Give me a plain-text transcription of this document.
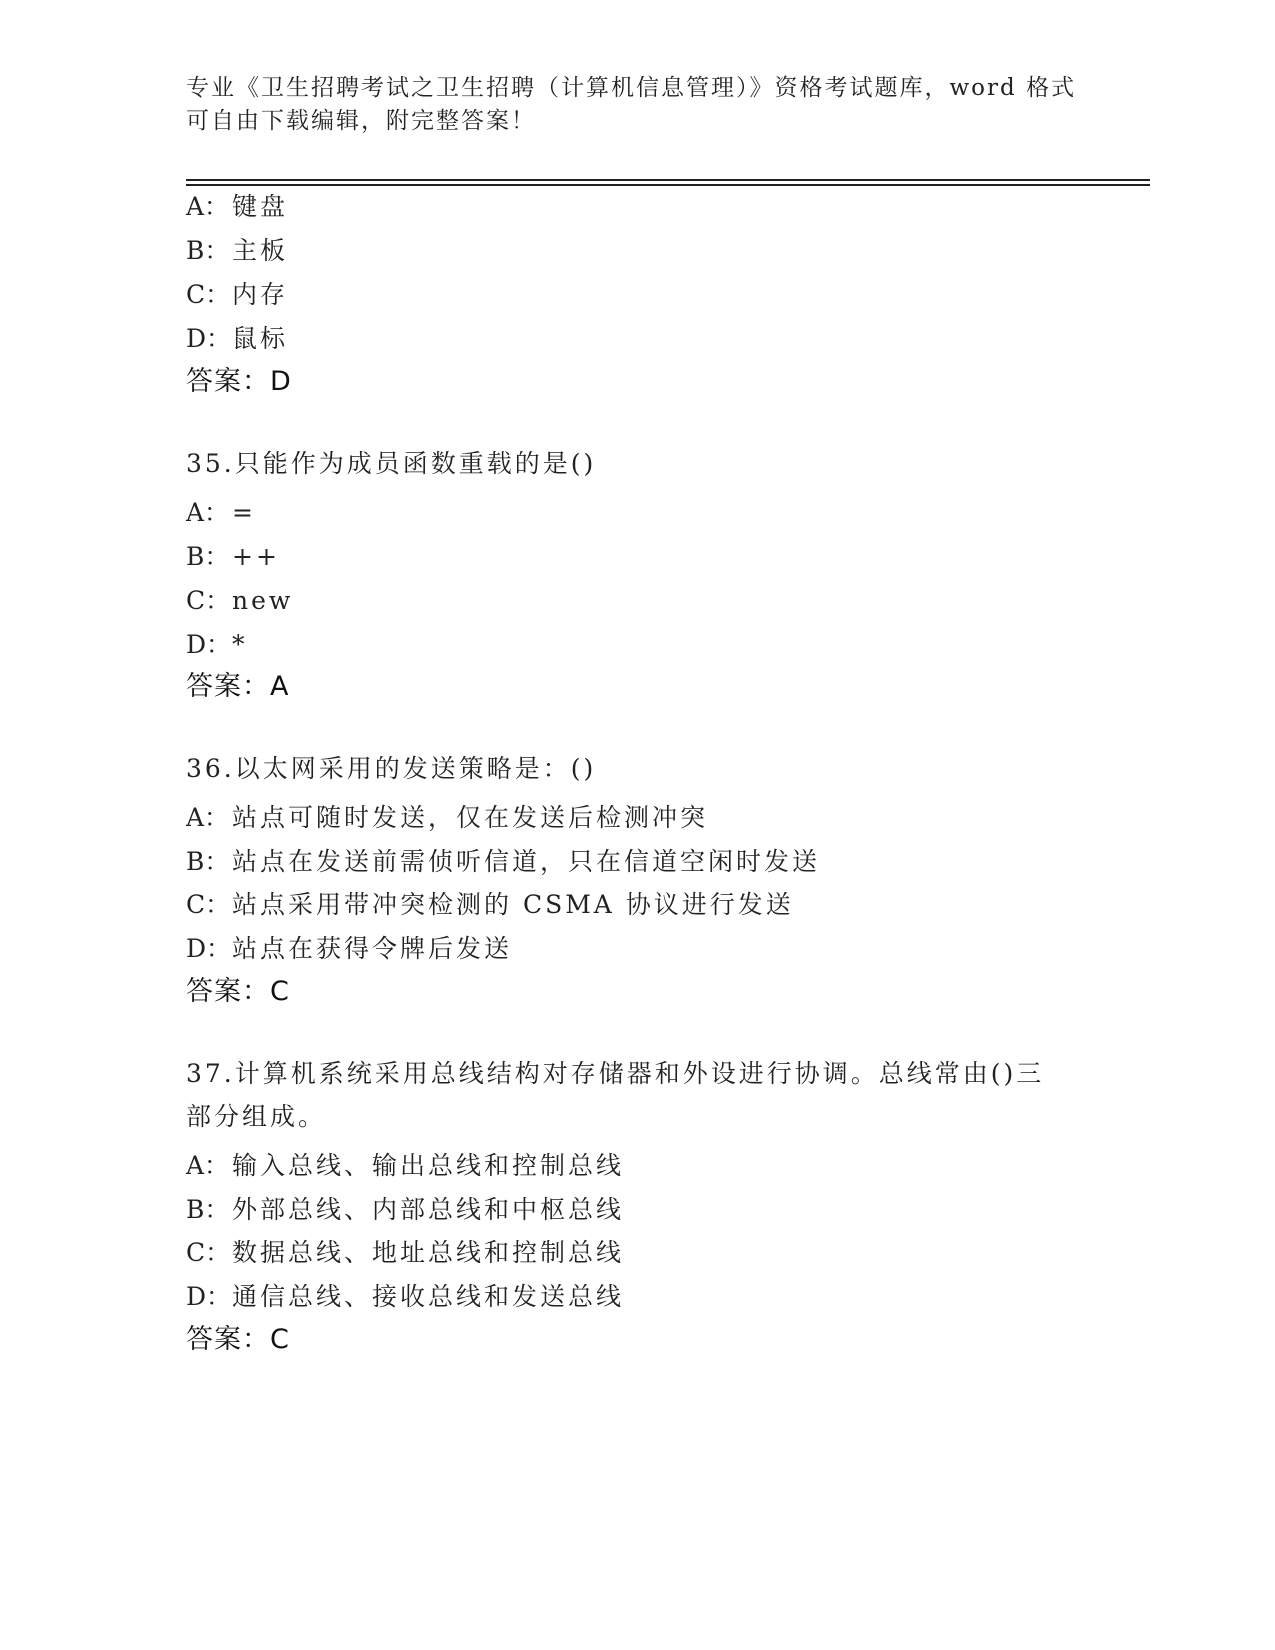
专业《卫生招聘考试之卫生招聘（计算机信息管理）》资格考试题库，word 格式
可自由下载编辑，附完整答案！
A： 键盘
B： 主板
C：内存
D：鼠标
答案：D
35.只能作为成员函数重载的是()
A： =
B： ++
C：new
D：*
答案：A
36.以太网采用的发送策略是：()
A： 站点可随时发送，仅在发送后检测冲突
B： 站点在发送前需侦听信道，只在信道空闲时发送
C：站点采用带冲突检测的 CSMA 协议进行发送
D：站点在获得令牌后发送
答案：C
37.计算机系统采用总线结构对存储器和外设进行协调。总线常由()三
部分组成。
A： 输入总线、输出总线和控制总线
B： 外部总线、内部总线和中枢总线
C：数据总线、地址总线和控制总线
D：通信总线、接收总线和发送总线
答案：C
